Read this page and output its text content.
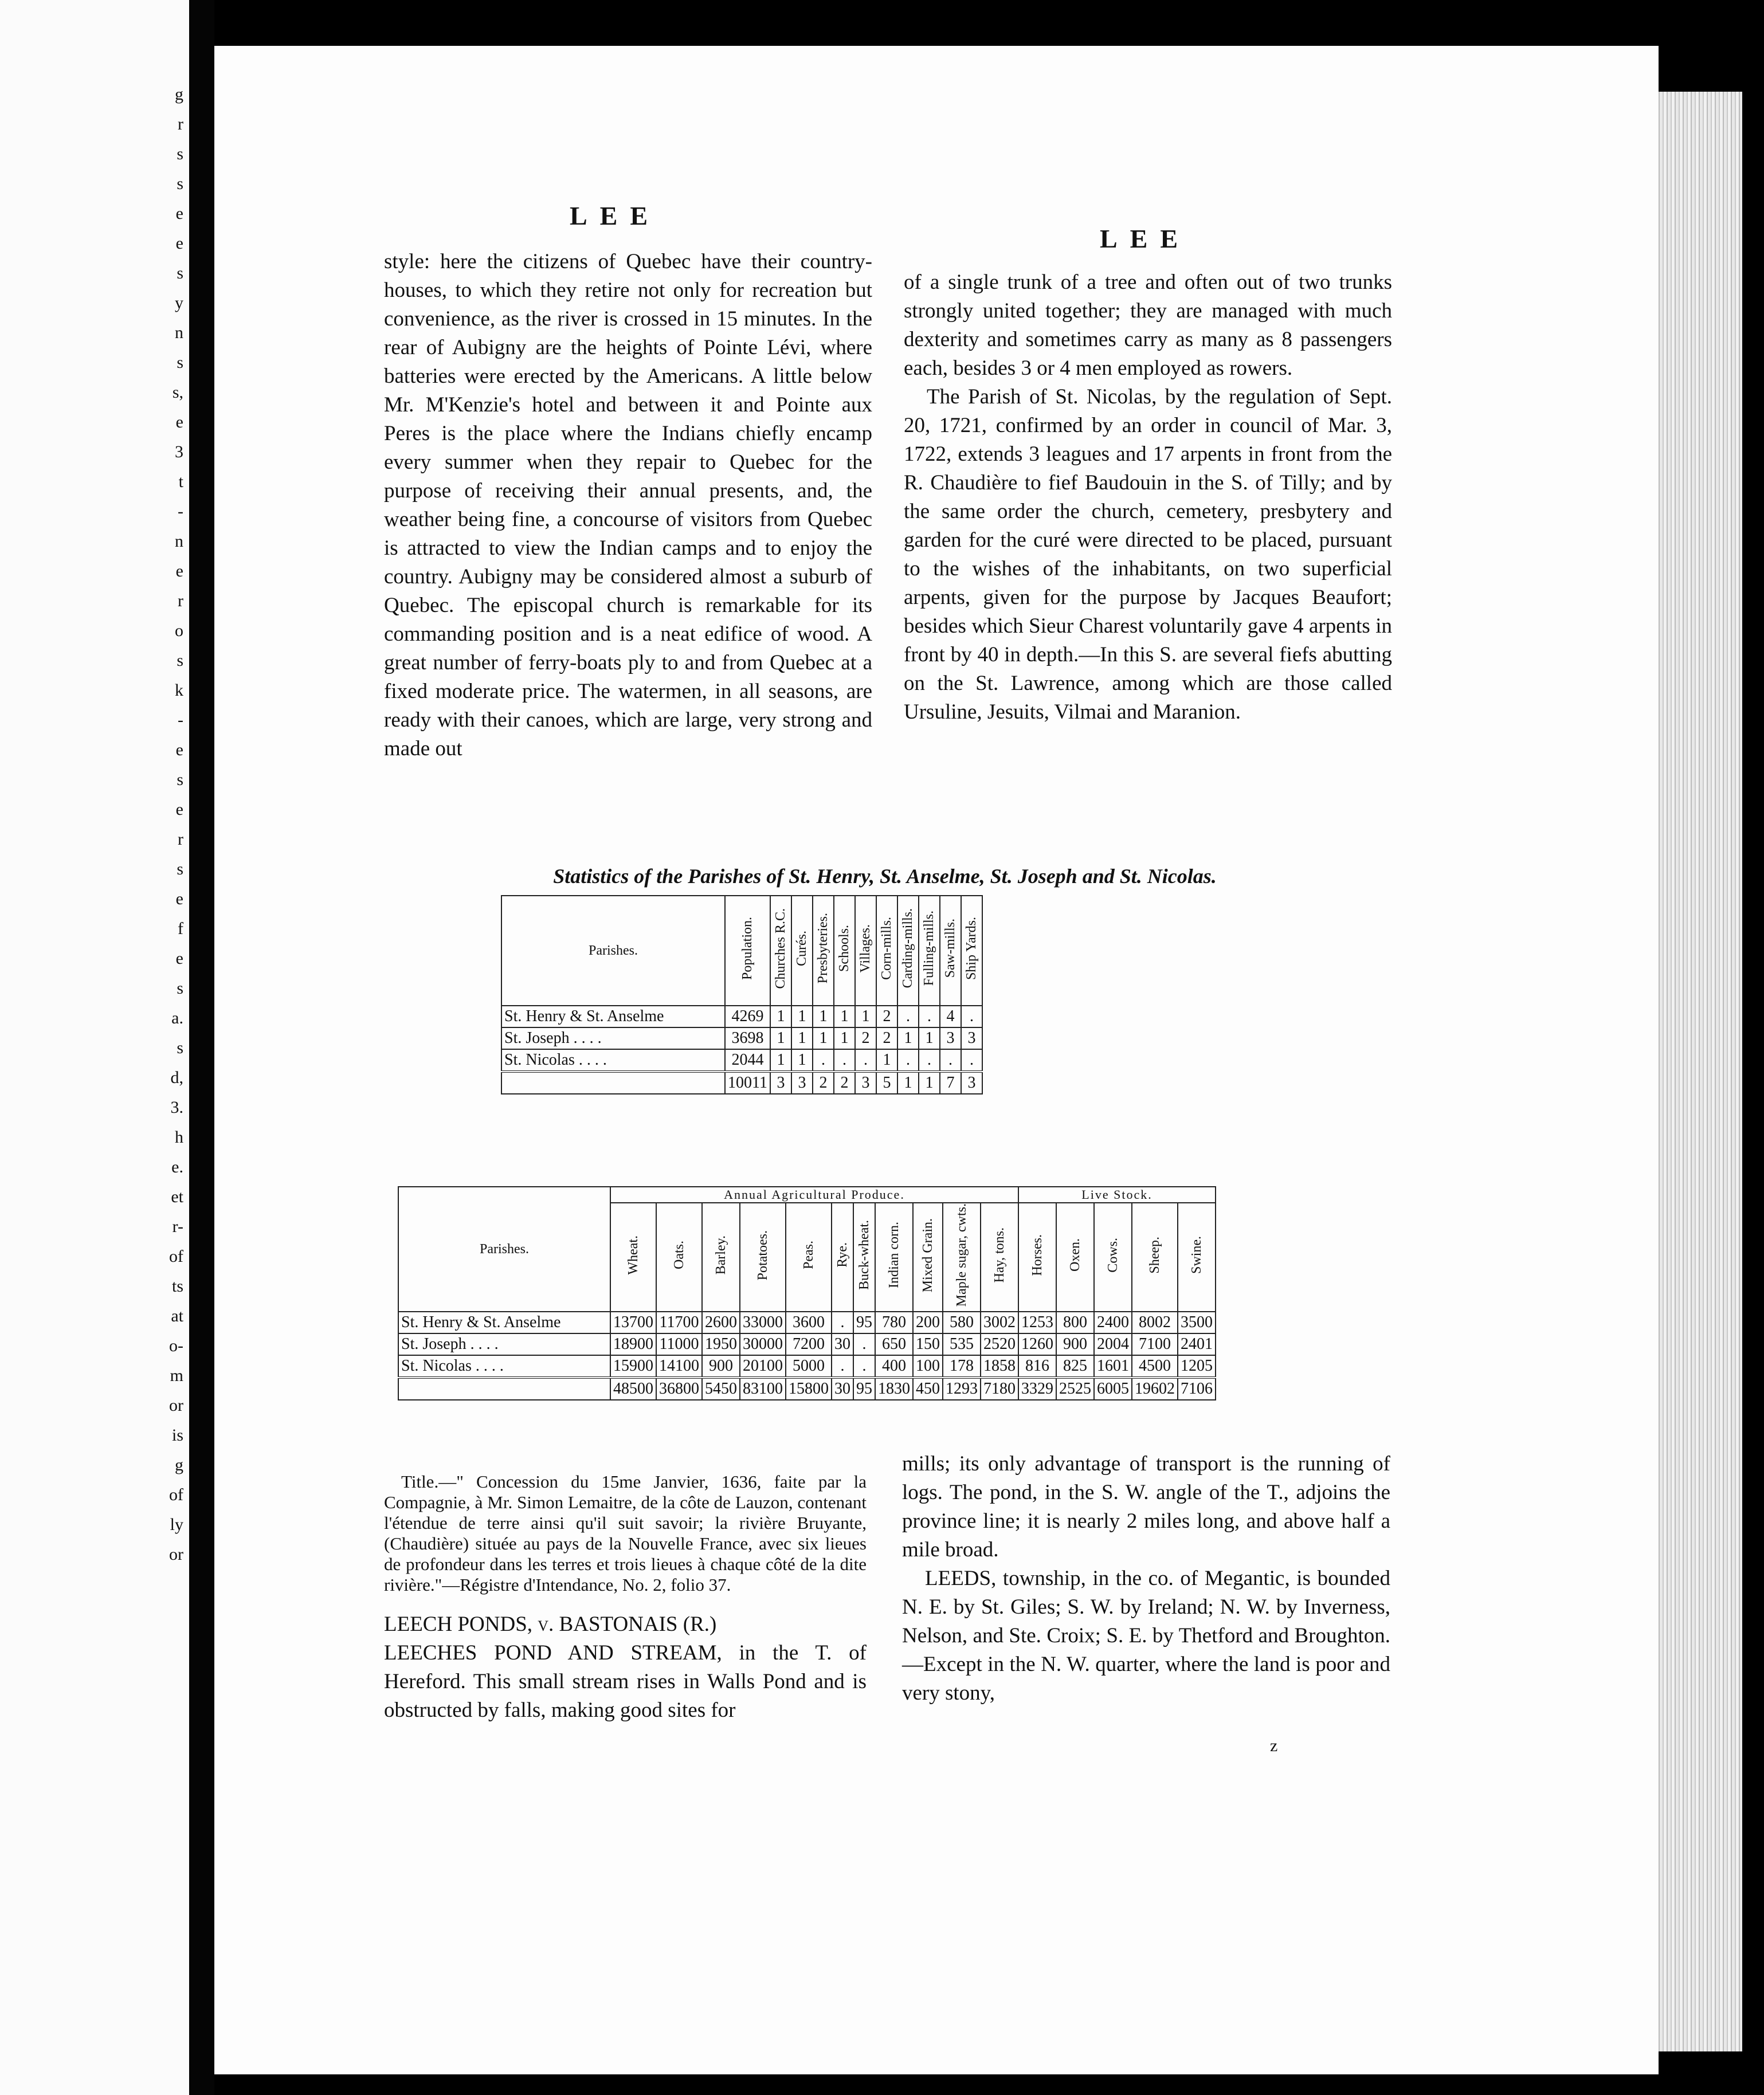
g
r
s
s
e
e
s
y
n
s
s,
e
3
t
-
n
e
r
o
s
k
-
e
s
e
r
s
e
f
e
s
a.
s
d,
3.
h
e.
et
r-
of
ts
at
o-
m
or
is
g
of
ly
or
LEE
LEE

style: here the citizens of Quebec have their country-houses, to which they retire not only for recreation but convenience, as the river is crossed in 15 minutes. In the rear of Aubigny are the heights of Pointe Lévi, where batteries were erected by the Americans. A little below Mr. M'Kenzie's hotel and between it and Pointe aux Peres is the place where the Indians chiefly encamp every summer when they repair to Quebec for the purpose of receiving their annual presents, and, the weather being fine, a concourse of visitors from Quebec is attracted to view the Indian camps and to enjoy the country. Aubigny may be considered almost a suburb of Quebec. The episcopal church is remarkable for its commanding position and is a neat edifice of wood. A great number of ferry-boats ply to and from Quebec at a fixed moderate price. The watermen, in all seasons, are ready with their canoes, which are large, very strong and made out

of a single trunk of a tree and often out of two trunks strongly united together; they are managed with much dexterity and sometimes carry as many as 8 passengers each, besides 3 or 4 men employed as rowers.

The Parish of St. Nicolas, by the regulation of Sept. 20, 1721, confirmed by an order in council of Mar. 3, 1722, extends 3 leagues and 17 arpents in front from the R. Chaudière to fief Baudouin in the S. of Tilly; and by the same order the church, cemetery, presbytery and garden for the curé were directed to be placed, pursuant to the wishes of the inhabitants, on two superficial arpents, given for the purpose by Jacques Beaufort; besides which Sieur Charest voluntarily gave 4 arpents in front by 40 in depth.—In this S. are several fiefs abutting on the St. Lawrence, among which are those called Ursuline, Jesuits, Vilmai and Maranion.

Statistics of the Parishes of St. Henry, St. Anselme, St. Joseph and St. Nicolas.
Parishes.	Population.	Churches R.C.	Curés.	Presbyteries.	Schools.	Villages.	Corn-mills.	Carding-mills.	Fulling-mills.	Saw-mills.	Ship Yards.
St. Henry & St. Anselme	4269	1	1	1	1	1	2	.	.	4	.
St. Joseph . . . .	3698	1	1	1	1	2	2	1	1	3	3
St. Nicolas . . . .	2044	1	1	.	.	.	1	.	.	.	.
	10011	3	3	2	2	3	5	1	1	7	3
Parishes.	Annual Agricultural Produce.											Live Stock.				
	Wheat.	Oats.	Barley.	Potatoes.	Peas.	Rye.	Buck-wheat.	Indian corn.	Mixed Grain.	Maple sugar, cwts.	Hay, tons.	Horses.	Oxen.	Cows.	Sheep.	Swine.
St. Henry & St. Anselme	13700	11700	2600	33000	3600	.	95	780	200	580	3002	1253	800	2400	8002	3500
St. Joseph . . . .	18900	11000	1950	30000	7200	30	.	650	150	535	2520	1260	900	2004	7100	2401
St. Nicolas . . . .	15900	14100	900	20100	5000	.	.	400	100	178	1858	816	825	1601	4500	1205
	48500	36800	5450	83100	15800	30	95	1830	450	1293	7180	3329	2525	6005	19602	7106
Title.—" Concession du 15me Janvier, 1636, faite par la Compagnie, à Mr. Simon Lemaitre, de la côte de Lauzon, contenant l'étendue de terre ainsi qu'il suit savoir; la rivière Bruyante, (Chaudière) située au pays de la Nouvelle France, avec six lieues de profondeur dans les terres et trois lieues à chaque côté de la dite rivière."—Régistre d'Intendance, No. 2, folio 37.

LEECH PONDS, v. BASTONAIS (R.)

LEECHES POND AND STREAM, in the T. of Hereford. This small stream rises in Walls Pond and is obstructed by falls, making good sites for

mills; its only advantage of transport is the running of logs. The pond, in the S. W. angle of the T., adjoins the province line; it is nearly 2 miles long, and above half a mile broad.

LEEDS, township, in the co. of Megantic, is bounded N. E. by St. Giles; S. W. by Ireland; N. W. by Inverness, Nelson, and Ste. Croix; S. E. by Thetford and Broughton.—Except in the N. W. quarter, where the land is poor and very stony,

z
